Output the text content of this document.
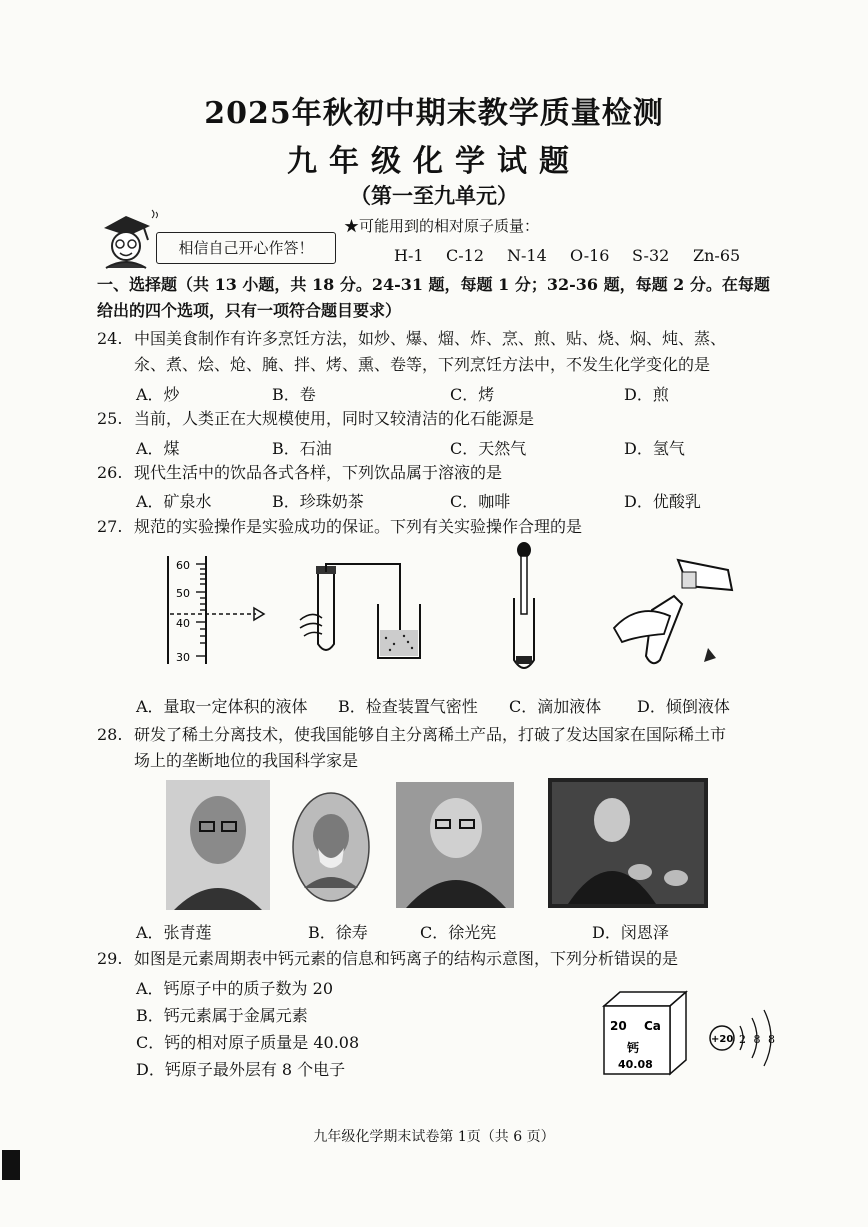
2025年秋初中期末教学质量检测
九年级化学试题
（第一至九单元）
相信自己开心作答！
★可能用到的相对原子质量：
H-1 C-12 N-14 O-16 S-32 Zn-65
一、选择题（共 13 小题，共 18 分。24-31 题，每题 1 分；32-36 题，每题 2 分。在每题
给出的四个选项，只有一项符合题目要求）
24. 中国美食制作有许多烹饪方法，如炒、爆、熘、炸、烹、煎、贴、烧、焖、炖、蒸、
氽、煮、烩、炝、腌、拌、烤、熏、卷等，下列烹饪方法中，不发生化学变化的是
A．炒	B．卷	C．烤	D．煎
25. 当前，人类正在大规模使用，同时又较清洁的化石能源是
A．煤	B．石油	C．天然气	D．氢气
26. 现代生活中的饮品各式各样，下列饮品属于溶液的是
A．矿泉水	B．珍珠奶茶	C．咖啡	D．优酸乳
27. 规范的实验操作是实验成功的保证。下列有关实验操作合理的是
60
50
40
30
A．量取一定体积的液体 B．检查装置气密性 C．滴加液体 D．倾倒液体
28. 研发了稀土分离技术，使我国能够自主分离稀土产品，打破了发达国家在国际稀土市
场上的垄断地位的我国科学家是
A．张青莲	B．徐寿	C．徐光宪	D．闵恩泽
29. 如图是元素周期表中钙元素的信息和钙离子的结构示意图，下列分析错误的是
A．钙原子中的质子数为 20
B．钙元素属于金属元素
C．钙的相对原子质量是 40.08
D．钙原子最外层有 8 个电子
20 Ca
钙
40.08
+20 2 8 8
九年级化学期末试卷第 1页（共 6 页）
